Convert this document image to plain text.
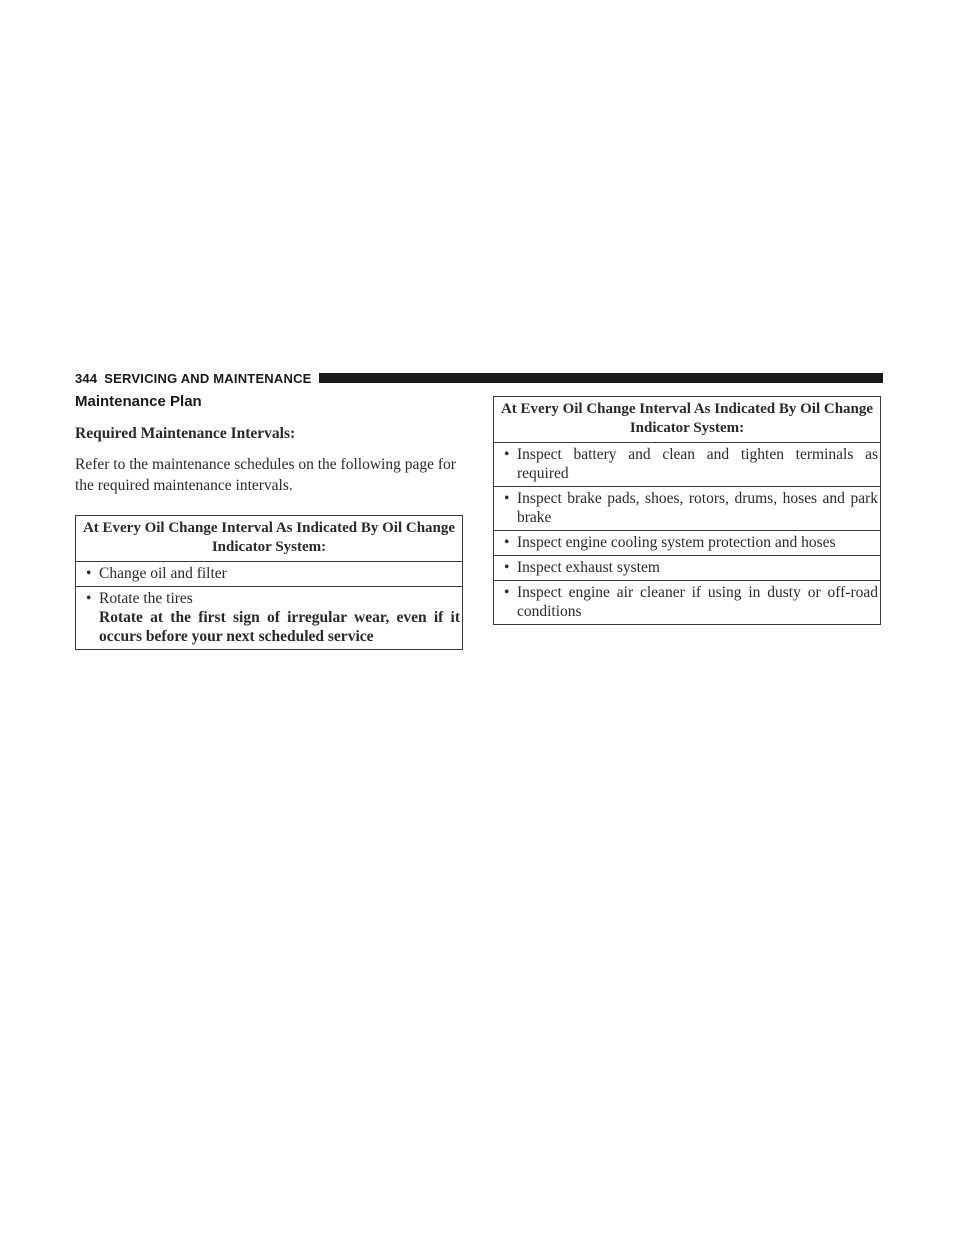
344 SERVICING AND MAINTENANCE
Maintenance Plan
Required Maintenance Intervals:
Refer to the maintenance schedules on the following page for the required maintenance intervals.
At Every Oil Change Interval As Indicated By Oil Change Indicator System:

• Change oil and filter

• Rotate the tires
Rotate at the first sign of irregular wear, even if it occurs before your next scheduled service
At Every Oil Change Interval As Indicated By Oil Change Indicator System:

• Inspect battery and clean and tighten terminals as required

• Inspect brake pads, shoes, rotors, drums, hoses and park brake

• Inspect engine cooling system protection and hoses

• Inspect exhaust system

• Inspect engine air cleaner if using in dusty or off-road conditions
